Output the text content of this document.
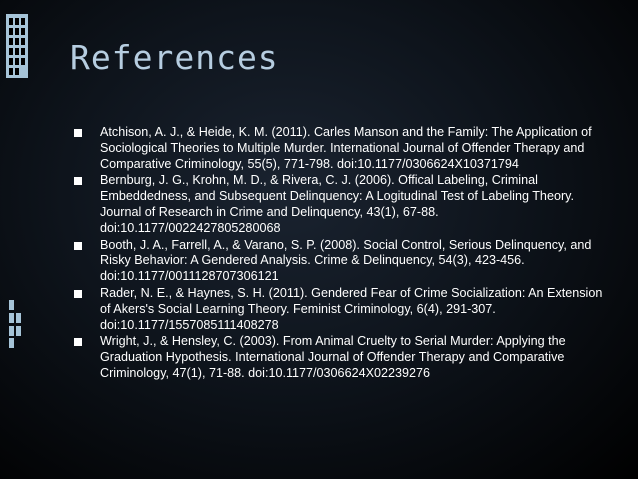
References
Atchison, A. J., & Heide, K. M. (2011). Carles Manson and the Family: The Application of Sociological Theories to Multiple Murder. International Journal of Offender Therapy and Comparative Criminology, 55(5), 771-798. doi:10.1177/0306624X10371794
Bernburg, J. G., Krohn, M. D., & Rivera, C. J. (2006). Offical Labeling, Criminal Embeddedness, and Subsequent Delinquency: A Logitudinal Test of Labeling Theory. Journal of Research in Crime and Delinquency, 43(1), 67-88. doi:10.1177/0022427805280068
Booth, J. A., Farrell, A., & Varano, S. P. (2008). Social Control, Serious Delinquency, and Risky Behavior: A Gendered Analysis. Crime & Delinquency, 54(3), 423-456. doi:10.1177/0011128707306121
Rader, N. E., & Haynes, S. H. (2011). Gendered Fear of Crime Socialization: An Extension of Akers's Social Learning Theory. Feminist Criminology, 6(4), 291-307. doi:10.1177/1557085111408278
Wright, J., & Hensley, C. (2003). From Animal Cruelty to Serial Murder: Applying the Graduation Hypothesis. International Journal of Offender Therapy and Comparative Criminology, 47(1), 71-88. doi:10.1177/0306624X02239276
